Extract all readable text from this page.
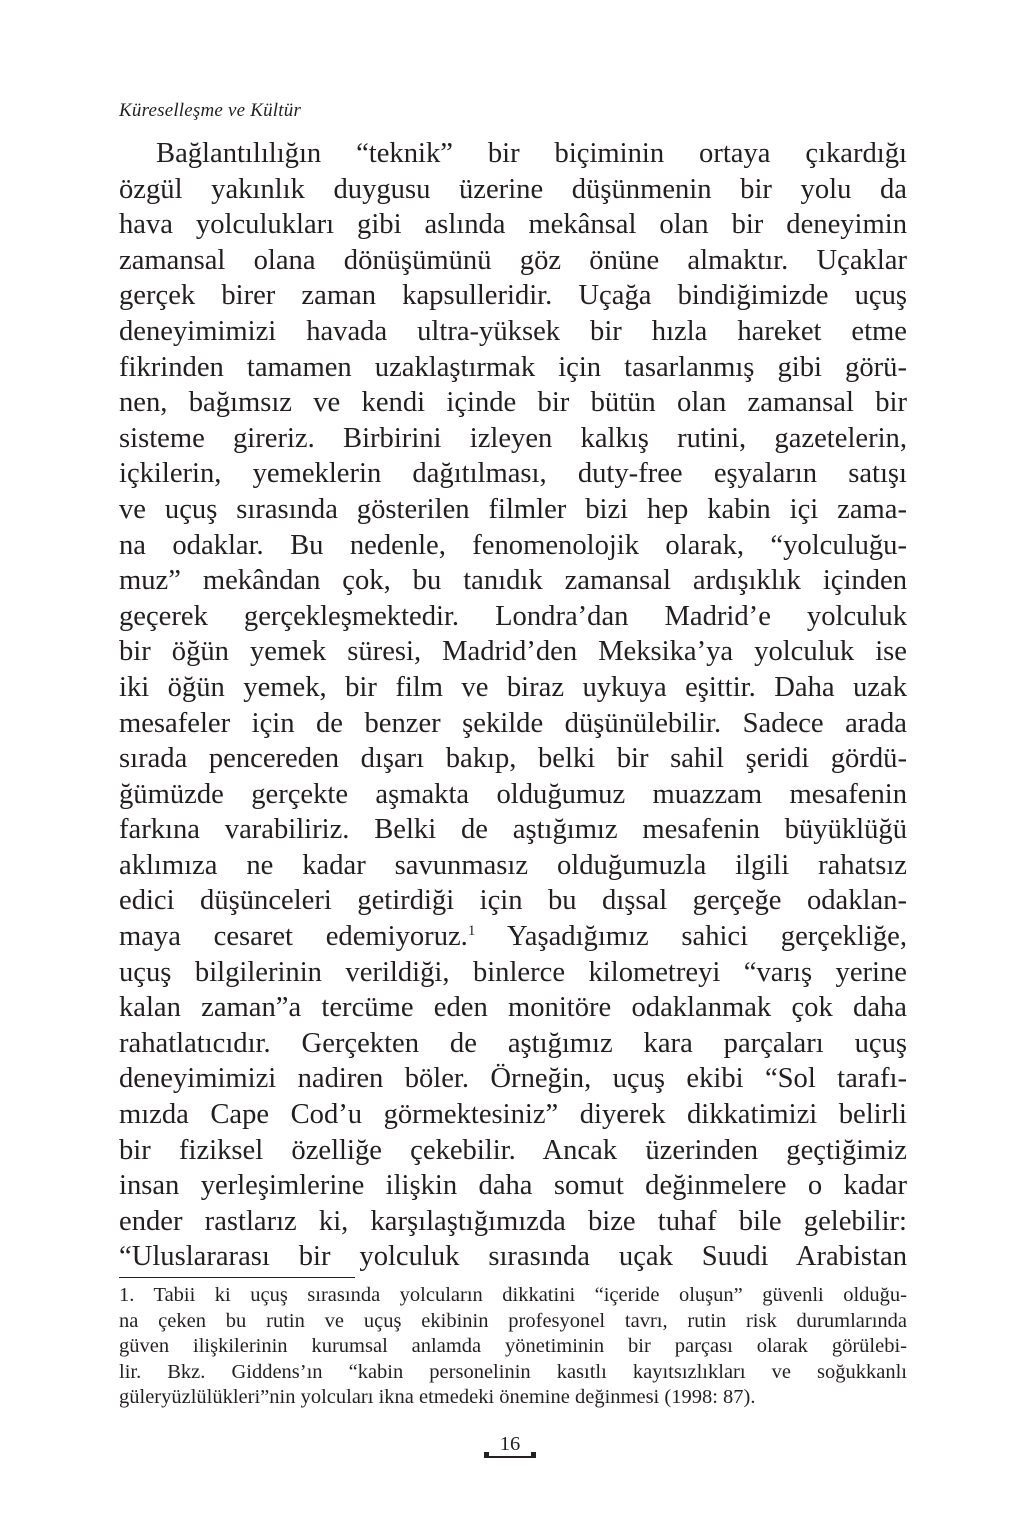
Küreselleşme ve Kültür
Bağlantılılığın “teknik” bir biçiminin ortaya çıkardığı
özgül yakınlık duygusu üzerine düşünmenin bir yolu da
hava yolculukları gibi aslında mekânsal olan bir deneyimin
zamansal olana dönüşümünü göz önüne almaktır. Uçaklar
gerçek birer zaman kapsulleridir. Uçağa bindiğimizde uçuş
deneyimimizi havada ultra-yüksek bir hızla hareket etme
fikrinden tamamen uzaklaştırmak için tasarlanmış gibi görü-
nen, bağımsız ve kendi içinde bir bütün olan zamansal bir
sisteme gireriz. Birbirini izleyen kalkış rutini, gazetelerin,
içkilerin, yemeklerin dağıtılması, duty-free eşyaların satışı
ve uçuş sırasında gösterilen filmler bizi hep kabin içi zama-
na odaklar. Bu nedenle, fenomenolojik olarak, “yolculuğu-
muz” mekândan çok, bu tanıdık zamansal ardışıklık içinden
geçerek gerçekleşmektedir. Londra’dan Madrid’e yolculuk
bir öğün yemek süresi, Madrid’den Meksika’ya yolculuk ise
iki öğün yemek, bir film ve biraz uykuya eşittir. Daha uzak
mesafeler için de benzer şekilde düşünülebilir. Sadece arada
sırada pencereden dışarı bakıp, belki bir sahil şeridi gördü-
ğümüzde gerçekte aşmakta olduğumuz muazzam mesafenin
farkına varabiliriz. Belki de aştığımız mesafenin büyüklüğü
aklımıza ne kadar savunmasız olduğumuzla ilgili rahatsız
edici düşünceleri getirdiği için bu dışsal gerçeğe odaklan-
maya cesaret edemiyoruz.$^1$ Yaşadığımız sahici gerçekliğe,
uçuş bilgilerinin verildiği, binlerce kilometreyi “varış yerine
kalan zaman”a tercüme eden monitöre odaklanmak çok daha
rahatlatıcıdır. Gerçekten de aştığımız kara parçaları uçuş
deneyimimizi nadiren böler. Örneğin, uçuş ekibi “Sol tarafı-
mızda Cape Cod’u görmektesiniz” diyerek dikkatimizi belirli
bir fiziksel özelliğe çekebilir. Ancak üzerinden geçtiğimiz
insan yerleşimlerine ilişkin daha somut değinmelere o kadar
ender rastlarız ki, karşılaştığımızda bize tuhaf bile gelebilir:
“Uluslararası bir yolculuk sırasında uçak Suudi Arabistan
1. Tabii ki uçuş sırasında yolcuların dikkatini “içeride oluşun” güvenli olduğu-
na çeken bu rutin ve uçuş ekibinin profesyonel tavrı, rutin risk durumlarında
güven ilişkilerinin kurumsal anlamda yönetiminin bir parçası olarak görülebi-
lir. Bkz. Giddens’ın “kabin personelinin kasıtlı kayıtsızlıkları ve soğukkanlı
güleryüzlülükleri”nin yolcuları ikna etmedeki önemine değinmesi (1998: 87).
16
